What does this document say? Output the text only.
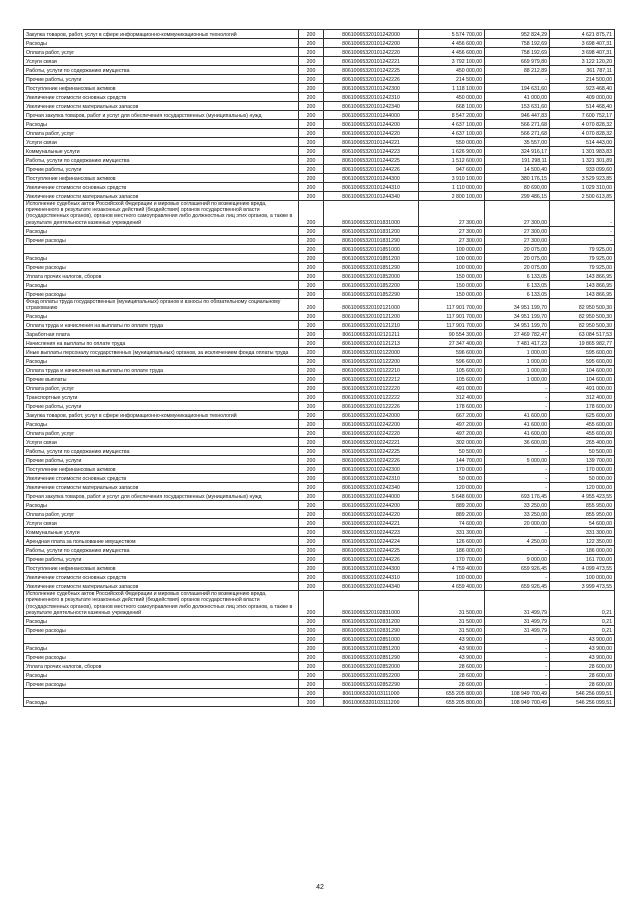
Закупка товаров, работ, услуг в сфере информационно-коммуникационных технологий	200	80610065320101242000	5 574 700,00	952 824,29	4 621 875,71
Расходы	200	80610065320101242200	4 456 600,00	758 192,69	3 698 407,31
Оплата работ, услуг	200	80610065320101242220	4 456 600,00	758 192,69	3 698 407,31
Услуги связи	200	80610065320101242221	3 792 100,00	669 979,80	3 122 120,20
Работы, услуги по содержанию имущества	200	80610065320101242225	450 000,00	88 212,89	361 787,11
Прочие работы, услуги	200	80610065320101242226	214 500,00	-	214 500,00
Поступление нефинансовых активов	200	80610065320101242300	1 118 100,00	194 631,60	923 468,40
Увеличение стоимости основных средств	200	80610065320101242310	450 000,00	41 000,00	409 000,00
Увеличение стоимости материальных запасов	200	80610065320101242340	668 100,00	153 631,60	514 468,40
Прочая закупка товаров, работ и услуг для обеспечения государственных (муниципальных) нужд	200	80610065320101244000	8 547 200,00	946 447,83	7 600 752,17
Расходы	200	80610065320101244200	4 637 100,00	566 271,68	4 070 828,32
Оплата работ, услуг	200	80610065320101244220	4 637 100,00	566 271,68	4 070 828,32
Услуги связи	200	80610065320101244221	550 000,00	35 557,00	514 443,00
Коммунальные услуги	200	80610065320101244223	1 626 900,00	324 916,17	1 301 983,83
Работы, услуги по содержанию имущества	200	80610065320101244225	1 512 600,00	191 298,11	1 321 301,89
Прочие работы, услуги	200	80610065320101244226	947 600,00	14 500,40	933 099,60
Поступление нефинансовых активов	200	80610065320101244300	3 910 100,00	380 176,15	3 529 923,85
Увеличение стоимости основных средств	200	80610065320101244310	1 110 000,00	80 690,00	1 029 310,00
Увеличение стоимости материальных запасов	200	80610065320101244340	2 800 100,00	299 486,15	2 500 613,85
Исполнение судебных актов Российской Федерации и мировых соглашений по возмещению вреда, причиненного в результате незаконных действий (бездействия) органов государственной власти (государственных органов), органов местного самоуправления либо должностных лиц этих органов, а также в результате деятельности казенных учреждений	200	80610065320101831000	27 300,00	27 300,00	-
Расходы	200	80610065320101831200	27 300,00	27 300,00	-
Прочие расходы	200	80610065320101831290	27 300,00	27 300,00	-
	200	80610065320101851000	100 000,00	20 075,00	79 925,00
Расходы	200	80610065320101851200	100 000,00	20 075,00	79 925,00
Прочие расходы	200	80610065320101851290	100 000,00	20 075,00	79 925,00
Уплата прочих налогов, сборов	200	80610065320101852000	150 000,00	6 133,05	143 866,95
Расходы	200	80610065320101852200	150 000,00	6 133,05	143 866,95
Прочие расходы	200	80610065320101852290	150 000,00	6 133,05	143 866,95
Фонд оплаты труда государственных (муниципальных) органов и взносы по обязательному социальному страхованию	200	80610065320102121000	117 901 700,00	34 951 199,70	82 950 500,30
Расходы	200	80610065320102121200	117 901 700,00	34 951 199,70	82 950 500,30
Оплата труда и начисления на выплаты по оплате труда	200	80610065320102121210	117 901 700,00	34 951 199,70	82 950 500,30
Заработная плата	200	80610065320102121211	90 554 300,00	27 469 782,47	63 084 517,53
Начисления на выплаты по оплате труда	200	80610065320102121213	27 347 400,00	7 481 417,23	19 865 982,77
Иные выплаты персоналу государственных (муниципальных) органов, за исключением фонда оплаты труда	200	80610065320102122000	596 600,00	1 000,00	595 600,00
Расходы	200	80610065320102122200	596 600,00	1 000,00	595 600,00
Оплата труда и начисления на выплаты по оплате труда	200	80610065320102122210	105 600,00	1 000,00	104 600,00
Прочие выплаты	200	80610065320102122212	105 600,00	1 000,00	104 600,00
Оплата работ, услуг	200	80610065320102122220	491 000,00	-	491 000,00
Транспортные услуги	200	80610065320102122222	312 400,00	-	312 400,00
Прочие работы, услуги	200	80610065320102122226	178 600,00	-	178 600,00
Закупка товаров, работ, услуг в сфере информационно-коммуникационных технологий	200	80610065320102242000	667 200,00	41 600,00	625 600,00
Расходы	200	80610065320102242200	497 200,00	41 600,00	455 600,00
Оплата работ, услуг	200	80610065320102242220	497 200,00	41 600,00	455 600,00
Услуги связи	200	80610065320102242221	302 000,00	36 600,00	265 400,00
Работы, услуги по содержанию имущества	200	80610065320102242225	50 500,00	-	50 500,00
Прочие работы, услуги	200	80610065320102242226	144 700,00	5 000,00	139 700,00
Поступление нефинансовых активов	200	80610065320102242300	170 000,00	-	170 000,00
Увеличение стоимости основных средств	200	80610065320102242310	50 000,00	-	50 000,00
Увеличение стоимости материальных запасов	200	80610065320102242340	120 000,00	-	120 000,00
Прочая закупка товаров, работ и услуг для обеспечения государственных (муниципальных) нужд	200	80610065320102244000	5 648 600,00	693 176,45	4 955 423,55
Расходы	200	80610065320102244200	889 200,00	33 250,00	855 950,00
Оплата работ, услуг	200	80610065320102244220	889 200,00	33 250,00	855 950,00
Услуги связи	200	80610065320102244221	74 600,00	20 000,00	54 600,00
Коммунальные услуги	200	80610065320102244223	331 300,00	-	331 300,00
Арендная плата за пользование имуществом	200	80610065320102244224	126 600,00	4 250,00	122 350,00
Работы, услуги по содержанию имущества	200	80610065320102244225	186 000,00	-	186 000,00
Прочие работы, услуги	200	80610065320102244226	170 700,00	9 000,00	161 700,00
Поступление нефинансовых активов	200	80610065320102244300	4 759 400,00	659 926,45	4 099 473,55
Увеличение стоимости основных средств	200	80610065320102244310	100 000,00	-	100 000,00
Увеличение стоимости материальных запасов	200	80610065320102244340	4 659 400,00	659 926,45	3 999 473,55
Исполнение судебных актов Российской Федерации и мировых соглашений по возмещению вреда, причиненного в результате незаконных действий (бездействия) органов государственной власти (государственных органов), органов местного самоуправления либо должностных лиц этих органов, а также в результате деятельности казенных учреждений	200	80610065320102831000	31 500,00	31 499,79	0,21
Расходы	200	80610065320102831200	31 500,00	31 499,79	0,21
Прочие расходы	200	80610065320102831290	31 500,00	31 499,79	0,21
	200	80610065320102851000	43 900,00	-	43 900,00
Расходы	200	80610065320102851200	43 900,00	-	43 900,00
Прочие расходы	200	80610065320102851290	43 900,00	-	43 900,00
Уплата прочих налогов, сборов	200	80610065320102852000	28 600,00	-	28 600,00
Расходы	200	80610065320102852200	28 600,00	-	28 600,00
Прочие расходы	200	80610065320102852290	28 600,00	-	28 600,00
	200	80610065320103111000	655 205 800,00	108 949 700,49	546 256 099,51
Расходы	200	80610065320103111200	655 205 800,00	108 949 700,49	546 256 099,51
42
